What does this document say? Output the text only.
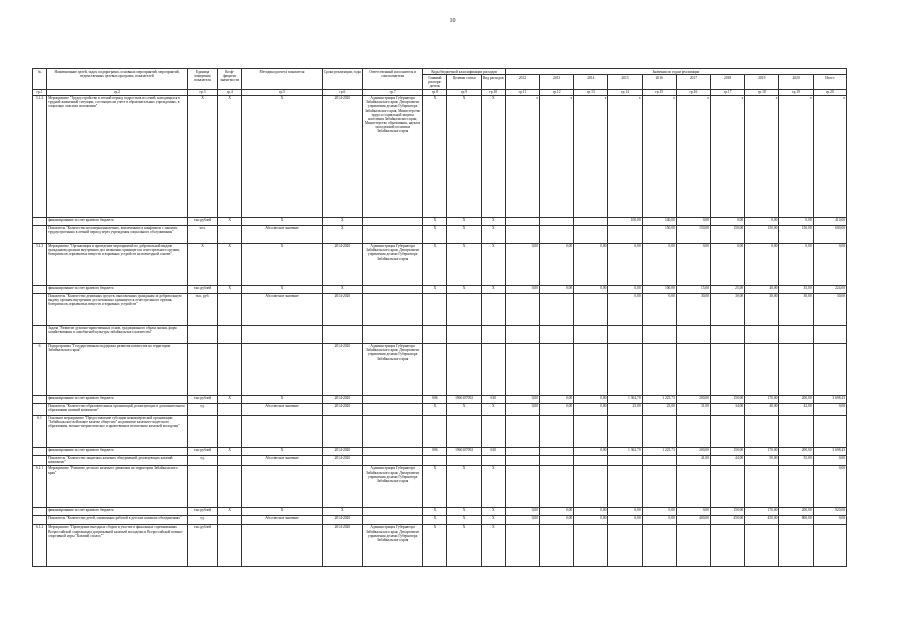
10
№	Наименование целей, задач, подпрограмм, основных мероприятий, мероприятий, ведомственных целевых программ, показателей	Единица измерения показателя	Коэф-фициент значи-мости	Методика расчета показателя	Сроки реализации, годы	Ответственный исполнитель и соисполнители	Коды бюджетной классификации расходов			Значения по годам реализации									
							Главный распоря-дитель	Целевая статья	Вид расходов	2012	2013	2014	2015	2016	2017	2018	2019	2020	Итого
гр.1	гр.2	гр.3	гр.4	гр.5	гр.6	гр.7	гр.8	гр.9	гр.10	гр.11	гр.12	гр.13	гр.14	гр.15	гр.16	гр.17	гр.18	гр.19	гр.20
5.1.2	Мероприятие "Трудоустройство в летний период подростков из семей, находящихся в трудной жизненной ситуации, состоящих на учете в образовательных учреждениях, в социально опасном положении"	Х	Х	Х	2014-2020	Администрация Губернатора Забайкальского края; Департамент управления делами Губернатора Забайкальского края; Министерство труда и социальной защиты населения Забайкальского края; Министерство образования, науки и молодежной политики Забайкальского края	Х	Х	Х	х	х	х	х	х	х	х	х	х	х
	финансирование за счет краевого бюджета	тыс.рублей	Х	Х	Х		Х	Х	Х				100,00	140,00	0,00	0,00	0,00	0,00	410,00
	Показатель "Количество несовершеннолетних, вовлеченных в конфликты с законом, трудоустроенных в летний период через учреждения социального обслуживания"	чел.		Абсолютное значение	Х		Х	Х	Х					150,00	150,00	150,00	150,00	150,00	600,00
5.1.3	Мероприятие "Организация и проведение мероприятий по добровольной выдаче гражданами органам внутренних дел незаконно хранящегося огнестрельного оружия, боеприпасов, взрывчатых веществ и взрывных устройств на возмездной основе"	Х	Х	Х	2014-2020	Администрация Губернатора Забайкальского края; Департамент управления делами Губернатора Забайкальского края	Х	Х	Х	0,00	0,00	0,00	0,00	0,00	0,00	0,00	0,00	0,00	0,00
	финансирование за счет краевого бюджета	тыс.рублей	Х	Х	Х		Х	Х	Х	0,00	0,00	0,00	0,00	100,00	15,00	25,00	40,00	35,00	224,00
	Показатель "Количество денежных средств, выплаченных гражданам за добровольную выдачу органам внутренних дел незаконно хранящегося огнестрельного оружия, боеприпасов, взрывчатых веществ и взрывных устройств"	тыс. руб.		Абсолютное значение	2014-2020								0,00	0,00	30,00	30,00	30,00	30,00	30,00
	Задача "Развитие духовно-нравственных основ, традиционного образа жизни, форм хозяйствования и самобытной культуры забайкальского казачества"																		
6	Подпрограмма "Государственная поддержка развития казачества на территории Забайкальского края"				2014-2020	Администрация Губернатора Забайкальского края; Департамент управления делами Губернатора Забайкальского края													
	финансирование за счет краевого бюджета	тыс.рублей	Х	Х	2014-2020		006	1960107092	630	0,00	0,00	0,00	1 362,70	1 225,73	200,00	150,00	170,00	200,00	3 698,43
	Показатель "Количество образовательных организаций, реализующих в дополнительном образовании казачий компонент"	ед.		Абсолютное значение	2014-2020		Х	Х	Х	0,00	0,00	0,00	25,00	25,00	31,00	34,00	40,00	42,00	0,00
6.1	Основное мероприятие "Предоставление субсидии некоммерческой организации "Забайкальское войсковое казачье общество" на развитие казачьего-кадетского образования, военно-патриотическое и нравственное воспитание казачьей молодежи"																		
	финансирование за счет краевого бюджета	тыс.рублей	Х	Х	2014-2020		006	1960107092	630			0,00	1 362,70	1 225,73	200,00	150,00	170,00	200,00	3 698,43
	Показатель "Количество защитных казачьих объединений, реализующих казачий компонент"	ед.		Абсолютное значение	2014-2020										41,00	44,00	50,00	55,00	0,00
6.1.1	Мероприятие "Развитие детского казачьего движения на территории Забайкальского края"					Администрация Губернатора Забайкальского края; Департамент управления делами Губернатора Забайкальского края	Х	Х	Х										0,00
	финансирование за счет краевого бюджета	тыс.рублей	Х	Х	Х		Х	Х	Х	0,00	0,00	0,00	0,00	0,00	0,00	150,00	170,00	200,00	920,00
	Показатель "Количество детей, охваченных работой в детских казачьих объединениях"	ед.		Абсолютное значение	2014-2020		Х	Х	Х	0,00	0,00	0,00	0,00	0,00	400,00	450,00	450,00	800,00	0,00
6.1.2	Мероприятие "Проведение выездных сборов и участие в финальных соревнованиях Всероссийской спартакиады допризывной казачьей молодежи и Всероссийской военно-спортивной игры "Казачий сполох""	тыс.рублей			2014-2020	Администрация Губернатора Забайкальского края; Департамент управления делами Губернатора Забайкальского края	Х	Х	Х										
